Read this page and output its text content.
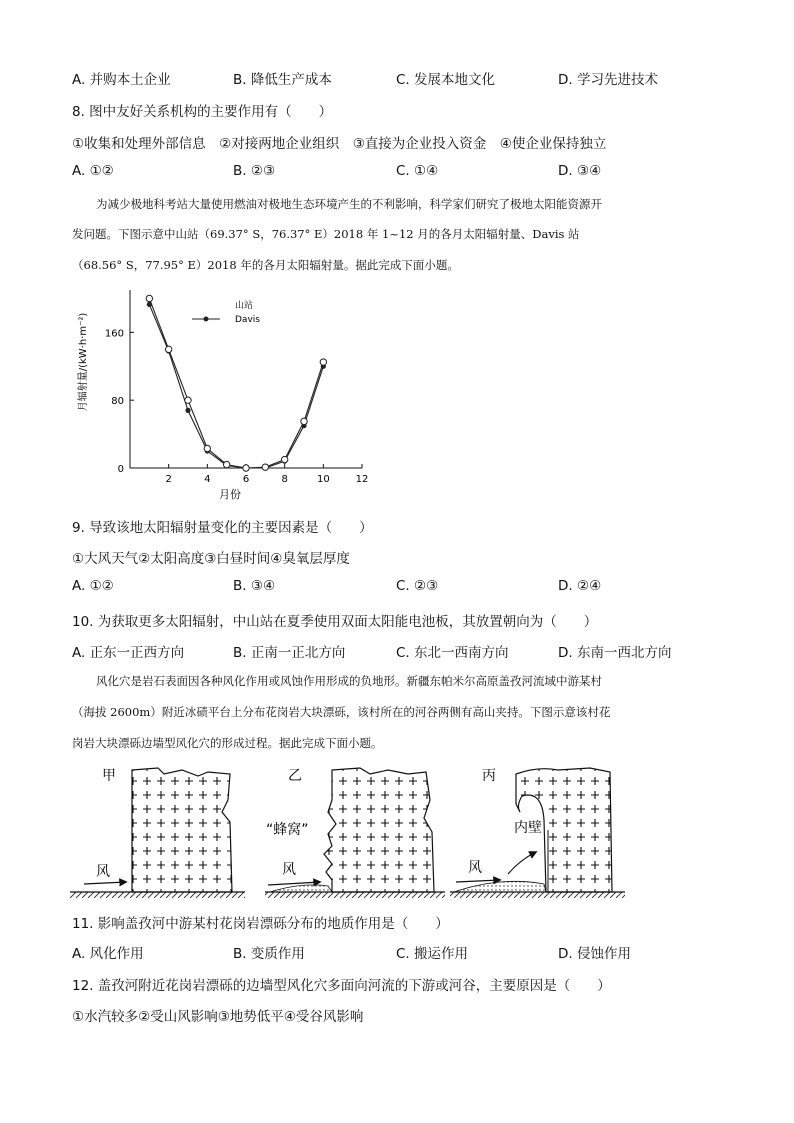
A. 并购本土企业	B. 降低生产成本	C. 发展本地文化	D. 学习先进技术
8. 图中友好关系机构的主要作用有（　　）
①收集和处理外部信息　②对接两地企业组织　③直接为企业投入资金　④使企业保持独立
A. ①②	B. ②③	C. ①④	D. ③④
为减少极地科考站大量使用燃油对极地生态环境产生的不利影响，科学家们研究了极地太阳能资源开
发问题。下图示意中山站（69.37° S，76.37° E）2018 年 1~12 月的各月太阳辐射量、Davis 站
（68.56° S，77.95° E）2018 年的各月太阳辐射量。据此完成下面小题。
月辐射量/(kW·h·m⁻²)
0
80
160
2	4	6	8	10	12
山站
Davis
月份
9. 导致该地太阳辐射量变化的主要因素是（　　）
①大风天气②太阳高度③白昼时间④臭氧层厚度
A. ①②	B. ③④	C. ②③	D. ②④
10. 为获取更多太阳辐射，中山站在夏季使用双面太阳能电池板，其放置朝向为（　　）
A. 正东一正西方向	B. 正南一正北方向	C. 东北一西南方向	D. 东南一西北方向
风化穴是岩石表面因各种风化作用或风蚀作用形成的负地形。新疆东帕米尔高原盖孜河流域中游某村
（海拔 2600m）附近冰碛平台上分布花岗岩大块漂砾，该村所在的河谷两侧有高山夹持。下图示意该村花
岗岩大块漂砾边墙型风化穴的形成过程。据此完成下面小题。
甲
风
乙
风
“蜂窝”
丙
风
内壁
11. 影响盖孜河中游某村花岗岩漂砾分布的地质作用是（　　）
A. 风化作用	B. 变质作用	C. 搬运作用	D. 侵蚀作用
12. 盖孜河附近花岗岩漂砾的边墙型风化穴多面向河流的下游或河谷，主要原因是（　　）
①水汽较多②受山风影响③地势低平④受谷风影响
